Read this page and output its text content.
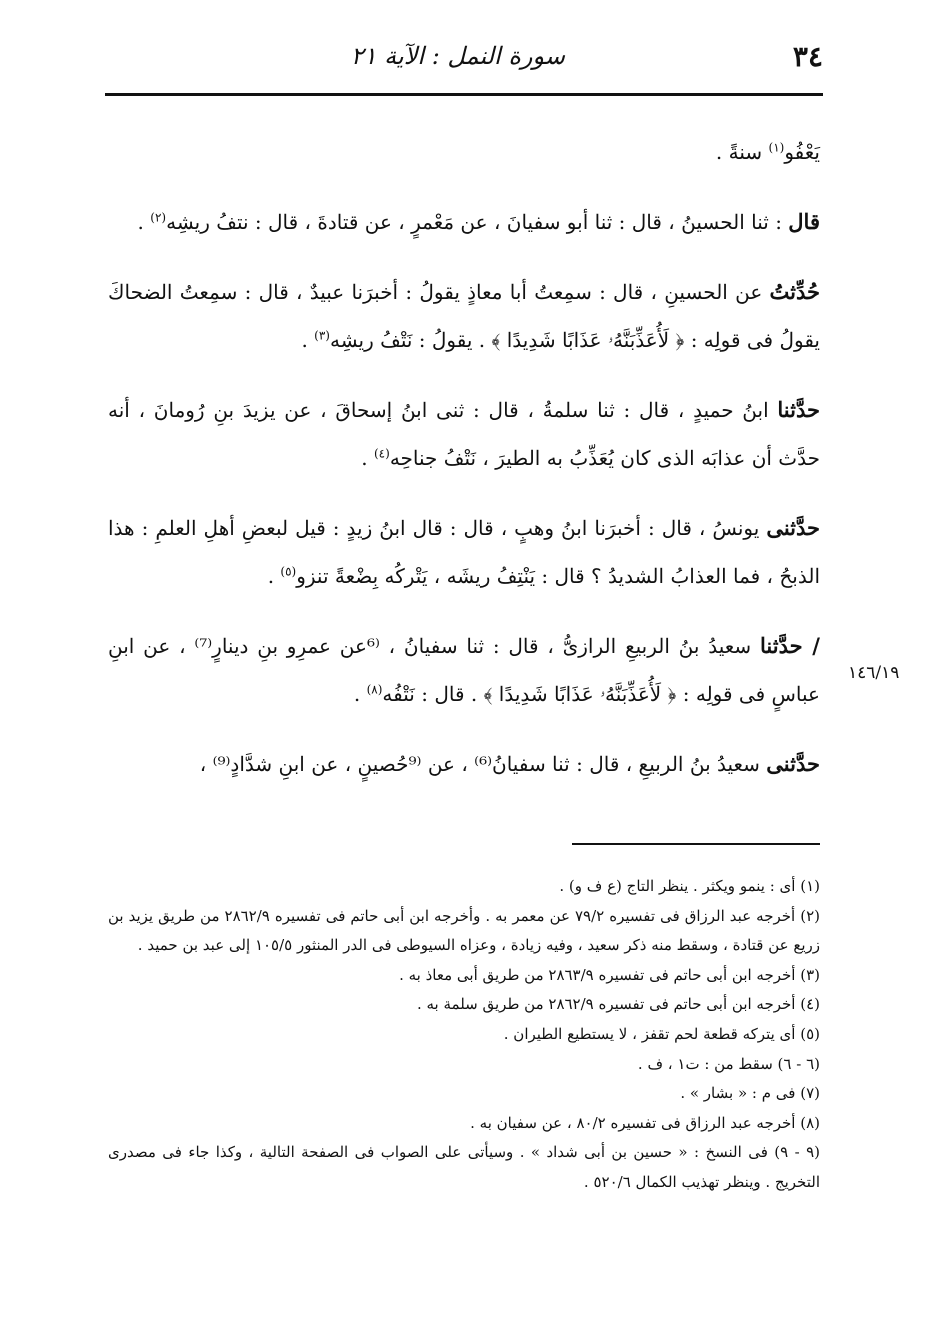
٣٤
سورة النمل : الآية ٢١
١٤٦/١٩

يَعْفُو$^{(١)}$ سنةً .

قال : ثنا الحسينُ ، قال : ثنا أبو سفيانَ ، عن مَعْمرٍ ، عن قتادةَ ، قال : نتفُ ريشِه$^{(٢)}$ .

حُدِّثتُ عن الحسينِ ، قال : سمِعتُ أبا معاذٍ يقولُ : أخبرَنا عبيدٌ ، قال : سمِعتُ الضحاكَ يقولُ فى قولِه : ﴿ لَأُعَذِّبَنَّهُۥ عَذَابًا شَدِيدًا ﴾ . يقولُ : نَتْفُ ريشِه$^{(٣)}$ .

حدَّثنا ابنُ حميدٍ ، قال : ثنا سلمةُ ، قال : ثنى ابنُ إسحاقَ ، عن يزيدَ بنِ رُومانَ ، أنه حدَّث أن عذابَه الذى كان يُعَذِّبُ به الطيرَ ، نَتْفُ جناحِه$^{(٤)}$ .

حدَّثنى يونسُ ، قال : أخبرَنا ابنُ وهبٍ ، قال : قال ابنُ زيدٍ : قيل لبعضِ أهلِ العلمِ : هذا الذبحُ ، فما العذابُ الشديدُ ؟ قال : يَنْتِفُ ريشَه ، يَتْركُه بِضْعةً تنزو$^{(٥)}$ .

/ حدَّثنا سعيدُ بنُ الربيعِ الرازىُّ ، قال : ثنا سفيانُ ، ⁽⁶عن عمرِو بنِ دينارٍ⁽⁷⁾ ، عن ابنِ عباسٍ فى قولِه : ﴿ لَأُعَذِّبَنَّهُۥ عَذَابًا شَدِيدًا ﴾ . قال : نَتْفُه$^{(٨)}$ .

حدَّثنى سعيدُ بنُ الربيعِ ، قال : ثنا سفيانُ⁽⁶⁾ ، عن ⁽⁹حُصينٍ ، عن ابنِ شدَّادٍ⁽⁹⁾ ،

(١) أى : ينمو ويكثر . ينظر التاج (ع ف و) .

(٢) أخرجه عبد الرزاق فى تفسيره ٧٩/٢ عن معمر به . وأخرجه ابن أبى حاتم فى تفسيره ٢٨٦٢/٩ من طريق يزيد بن زريع عن قتادة ، وسقط منه ذكر سعيد ، وفيه زيادة ، وعزاه السيوطى فى الدر المنثور ١٠٥/٥ إلى عبد بن حميد .

(٣) أخرجه ابن أبى حاتم فى تفسيره ٢٨٦٣/٩ من طريق أبى معاذ به .

(٤) أخرجه ابن أبى حاتم فى تفسيره ٢٨٦٢/٩ من طريق سلمة به .

(٥) أى يتركه قطعة لحم تقفز ، لا يستطيع الطيران .

(٦ - ٦) سقط من : ت١ ، ف .

(٧) فى م : « بشار » .

(٨) أخرجه عبد الرزاق فى تفسيره ٨٠/٢ ، عن سفيان به .

(٩ - ٩) فى النسخ : « حسين بن أبى شداد » . وسيأتى على الصواب فى الصفحة التالية ، وكذا جاء فى مصدرى التخريج . وينظر تهذيب الكمال ٥٢٠/٦ .
